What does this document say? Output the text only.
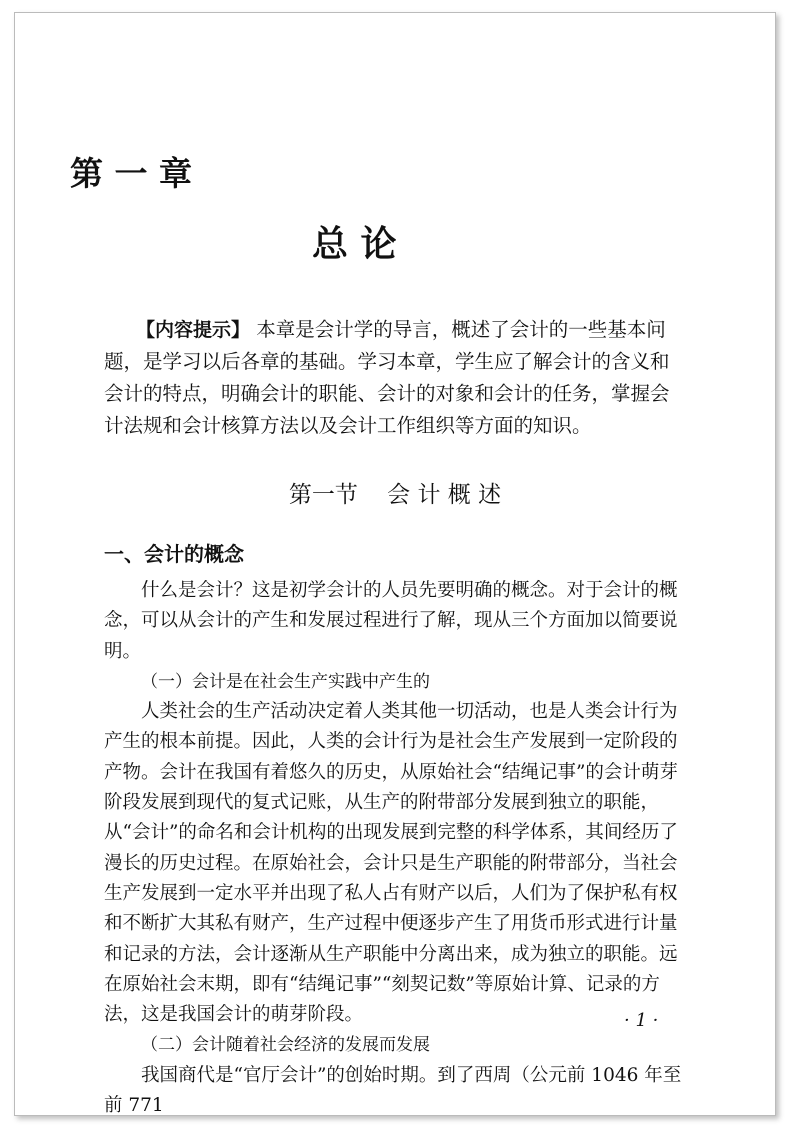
第 一 章
总 论
【内容提示】 本章是会计学的导言，概述了会计的一些基本问题，是学习以后各章的基础。学习本章，学生应了解会计的含义和会计的特点，明确会计的职能、会计的对象和会计的任务，掌握会计法规和会计核算方法以及会计工作组织等方面的知识。
第一节    会 计 概 述
一、会计的概念

什么是会计？这是初学会计的人员先要明确的概念。对于会计的概念，可以从会计的产生和发展过程进行了解，现从三个方面加以简要说明。

（一）会计是在社会生产实践中产生的

人类社会的生产活动决定着人类其他一切活动，也是人类会计行为产生的根本前提。因此，人类的会计行为是社会生产发展到一定阶段的产物。会计在我国有着悠久的历史，从原始社会“结绳记事”的会计萌芽阶段发展到现代的复式记账，从生产的附带部分发展到独立的职能，从“会计”的命名和会计机构的出现发展到完整的科学体系，其间经历了漫长的历史过程。在原始社会，会计只是生产职能的附带部分，当社会生产发展到一定水平并出现了私人占有财产以后，人们为了保护私有权和不断扩大其私有财产，生产过程中便逐步产生了用货币形式进行计量和记录的方法，会计逐渐从生产职能中分离出来，成为独立的职能。远在原始社会末期，即有“结绳记事”“刻契记数”等原始计算、记录的方法，这是我国会计的萌芽阶段。

（二）会计随着社会经济的发展而发展

我国商代是“官厅会计”的创始时期。到了西周（公元前 1046 年至前 771

· 1 ·
